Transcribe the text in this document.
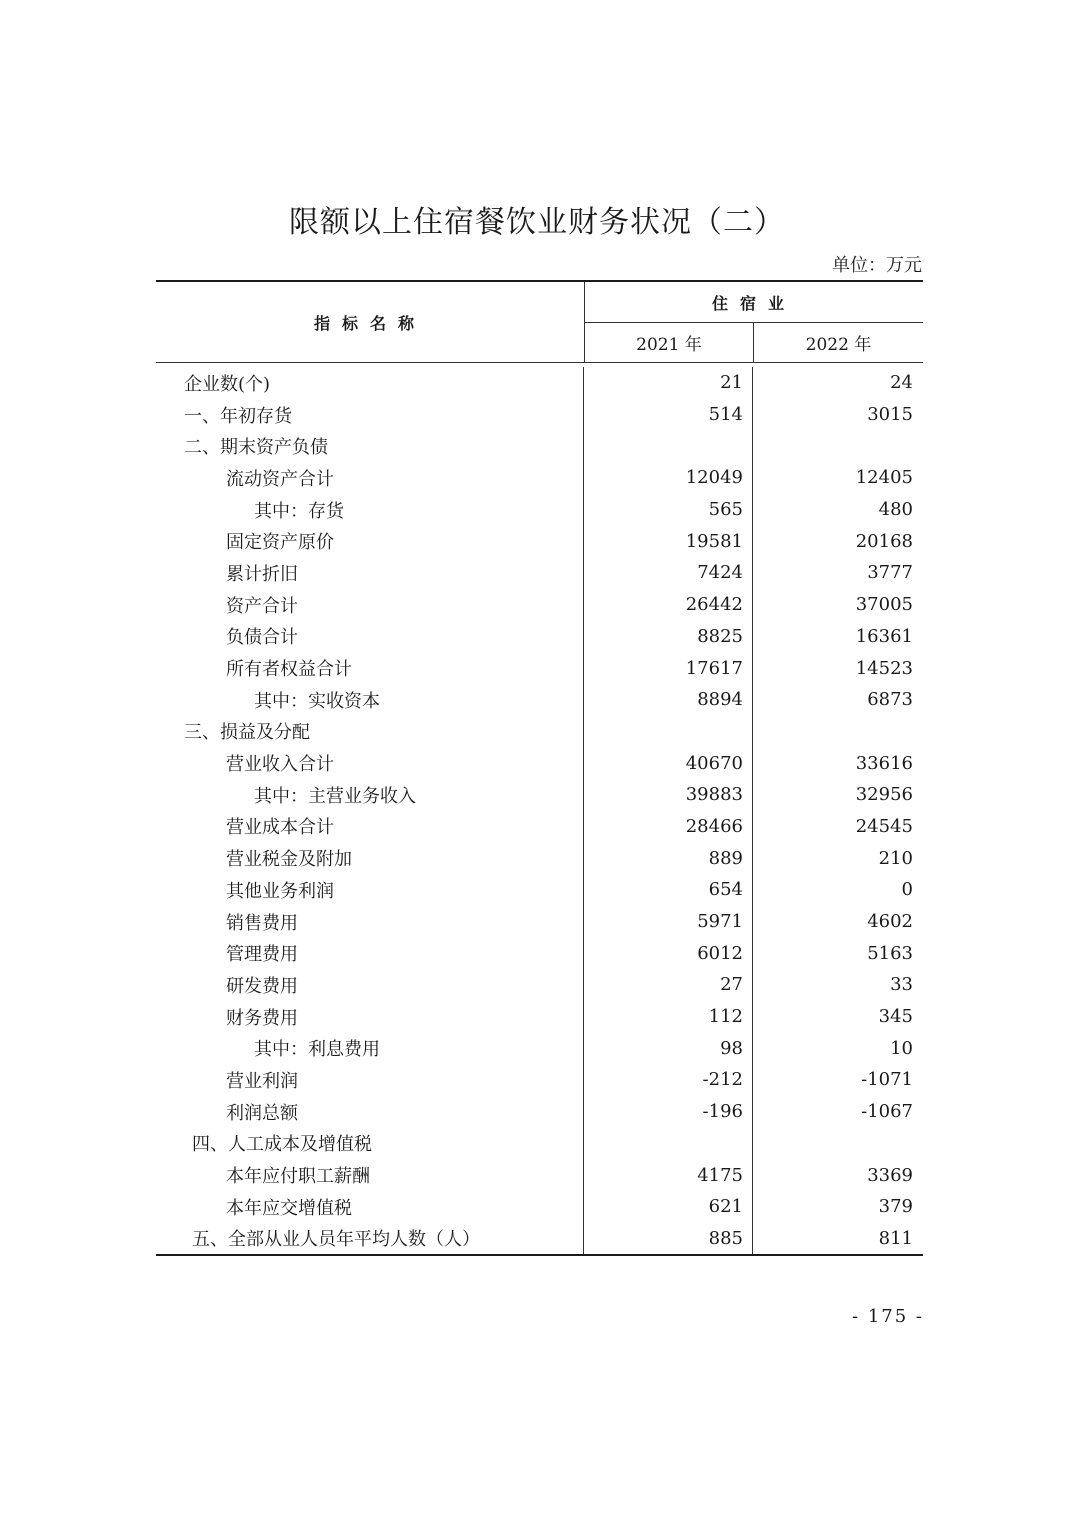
限额以上住宿餐饮业财务状况（二）
单位：万元
指标名称
住宿业
2021 年	2022 年
企业数(个)	21	24
一、年初存货	514	3015
二、期末资产负债
流动资产合计	12049	12405
其中：存货	565	480
固定资产原价	19581	20168
累计折旧	7424	3777
资产合计	26442	37005
负债合计	8825	16361
所有者权益合计	17617	14523
其中：实收资本	8894	6873
三、损益及分配
营业收入合计	40670	33616
其中：主营业务收入	39883	32956
营业成本合计	28466	24545
营业税金及附加	889	210
其他业务利润	654	0
销售费用	5971	4602
管理费用	6012	5163
研发费用	27	33
财务费用	112	345
其中：利息费用	98	10
营业利润	-212	-1071
利润总额	-196	-1067
四、人工成本及增值税
本年应付职工薪酬	4175	3369
本年应交增值税	621	379
五、全部从业人员年平均人数（人）	885	811
- 175 -
